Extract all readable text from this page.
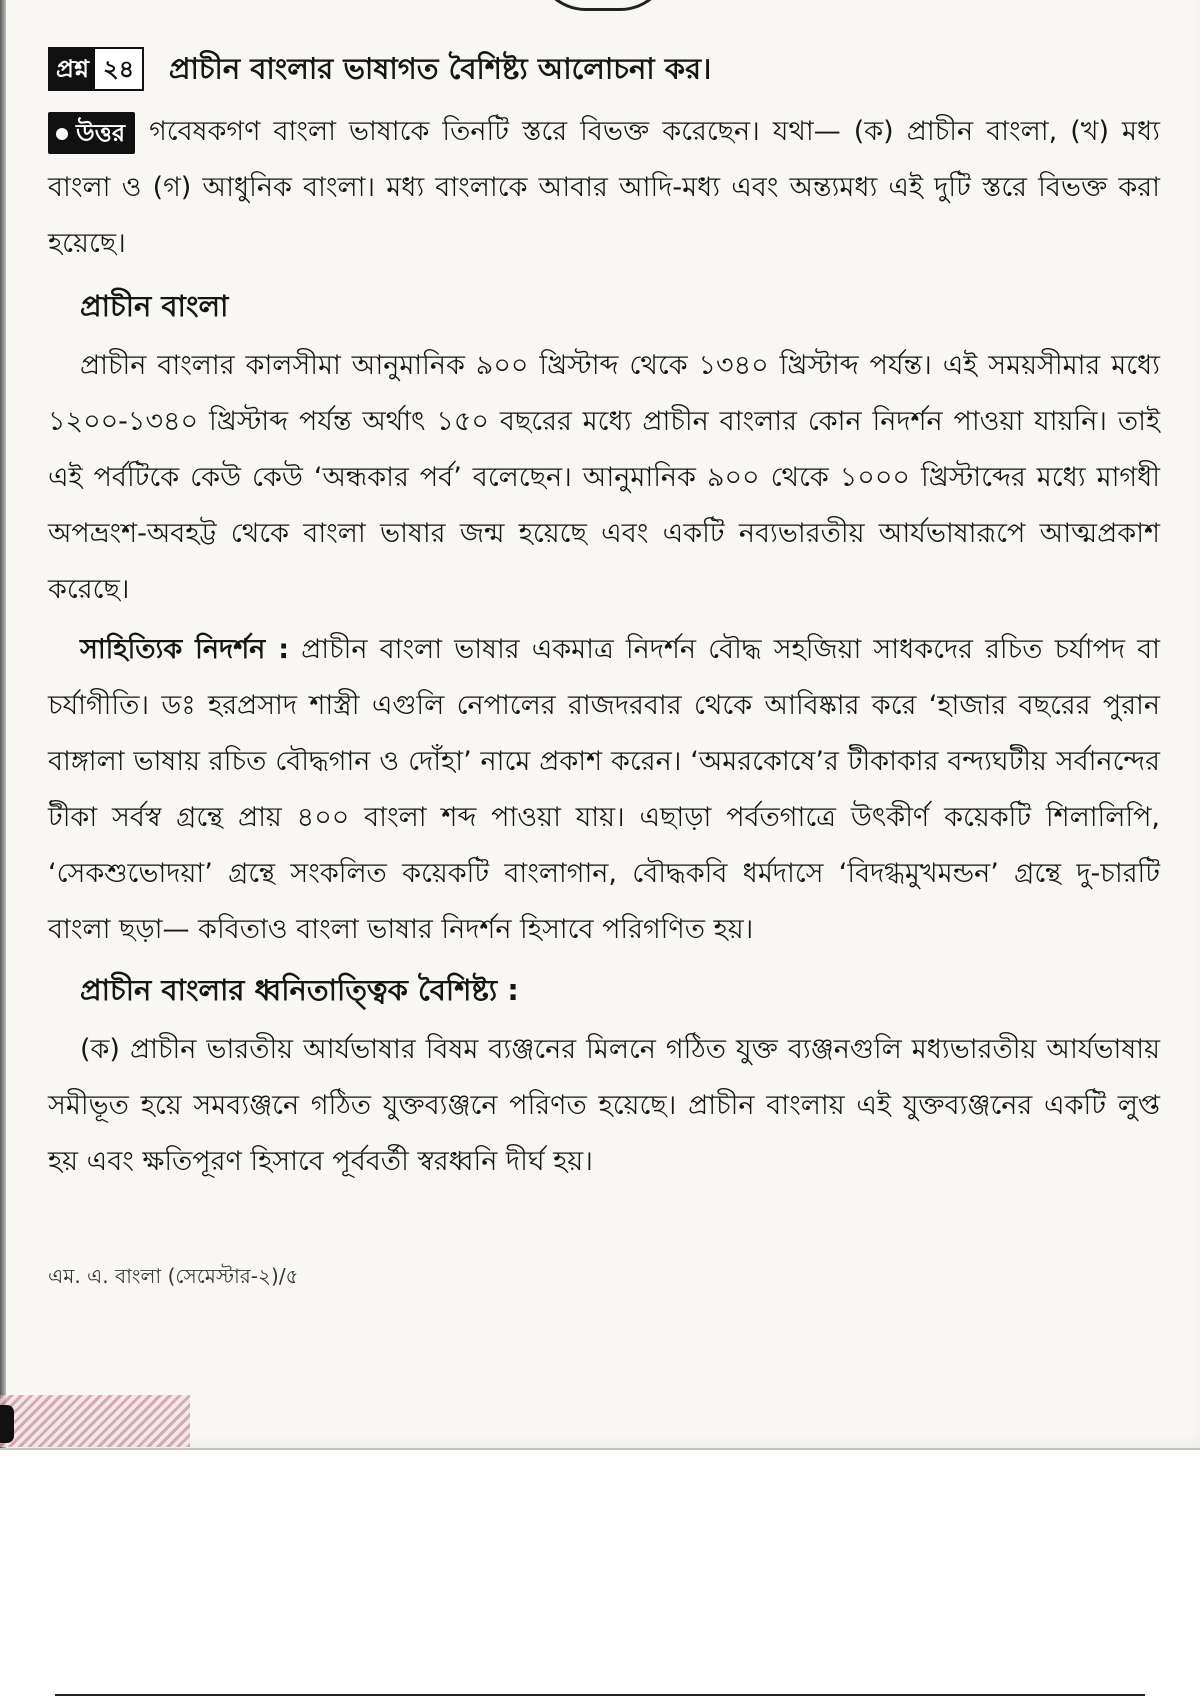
প্রশ্ন ২৪ প্রাচীন বাংলার ভাষাগত বৈশিষ্ট্য আলোচনা কর।
উত্তর গবেষকগণ বাংলা ভাষাকে তিনটি স্তরে বিভক্ত করেছেন। যথা— (ক) প্রাচীন বাংলা, (খ) মধ্য বাংলা ও (গ) আধুনিক বাংলা। মধ্য বাংলাকে আবার আদি-মধ্য এবং অন্ত্যমধ্য এই দুটি স্তরে বিভক্ত করা হয়েছে।
প্রাচীন বাংলা
প্রাচীন বাংলার কালসীমা আনুমানিক ৯০০ খ্রিস্টাব্দ থেকে ১৩৪০ খ্রিস্টাব্দ পর্যন্ত। এই সময়সীমার মধ্যে ১২০০-১৩৪০ খ্রিস্টাব্দ পর্যন্ত অর্থাৎ ১৫০ বছরের মধ্যে প্রাচীন বাংলার কোন নিদর্শন পাওয়া যায়নি। তাই এই পর্বটিকে কেউ কেউ ‘অন্ধকার পর্ব’ বলেছেন। আনুমানিক ৯০০ থেকে ১০০০ খ্রিস্টাব্দের মধ্যে মাগধী অপভ্রংশ-অবহট্ট থেকে বাংলা ভাষার জন্ম হয়েছে এবং একটি নব্যভারতীয় আর্যভাষারূপে আত্মপ্রকাশ করেছে।
সাহিত্যিক নিদর্শন : প্রাচীন বাংলা ভাষার একমাত্র নিদর্শন বৌদ্ধ সহজিয়া সাধকদের রচিত চর্যাপদ বা চর্যাগীতি। ডঃ হরপ্রসাদ শাস্ত্রী এগুলি নেপালের রাজদরবার থেকে আবিষ্কার করে ‘হাজার বছরের পুরান বাঙ্গালা ভাষায় রচিত বৌদ্ধগান ও দোঁহা’ নামে প্রকাশ করেন। ‘অমরকোষে’র টীকাকার বন্দ্যঘটীয় সর্বানন্দের টীকা সর্বস্ব গ্রন্থে প্রায় ৪০০ বাংলা শব্দ পাওয়া যায়। এছাড়া পর্বতগাত্রে উৎকীর্ণ কয়েকটি শিলালিপি, ‘সেকশুভোদয়া’ গ্রন্থে সংকলিত কয়েকটি বাংলাগান, বৌদ্ধকবি ধর্মদাসে ‘বিদগ্ধমুখমন্ডন’ গ্রন্থে দু-চারটি বাংলা ছড়া— কবিতাও বাংলা ভাষার নিদর্শন হিসাবে পরিগণিত হয়।
প্রাচীন বাংলার ধ্বনিতাত্ত্বিক বৈশিষ্ট্য :
(ক) প্রাচীন ভারতীয় আর্যভাষার বিষম ব্যঞ্জনের মিলনে গঠিত যুক্ত ব্যঞ্জনগুলি মধ্যভারতীয় আর্যভাষায় সমীভূত হয়ে সমব্যঞ্জনে গঠিত যুক্তব্যঞ্জনে পরিণত হয়েছে। প্রাচীন বাংলায় এই যুক্তব্যঞ্জনের একটি লুপ্ত হয় এবং ক্ষতিপূরণ হিসাবে পূর্ববর্তী স্বরধ্বনি দীর্ঘ হয়।
এম. এ. বাংলা (সেমেস্টার-২)/৫
